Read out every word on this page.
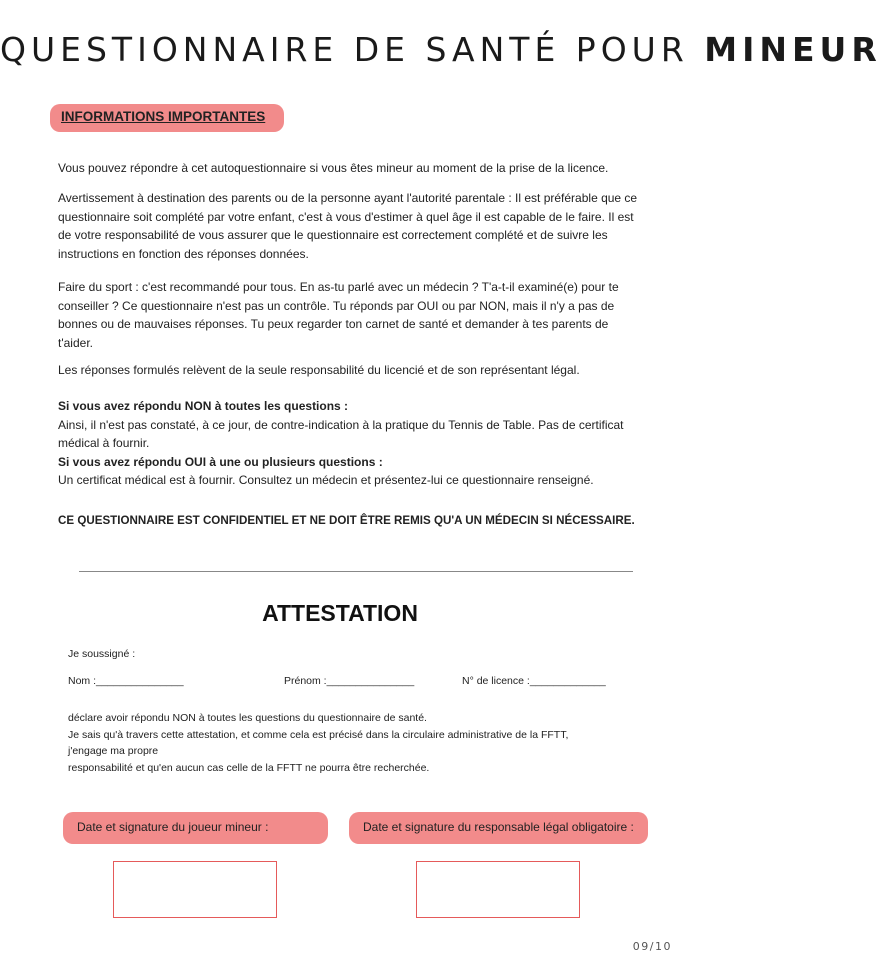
QUESTIONNAIRE DE SANTÉ POUR MINEUR
INFORMATIONS IMPORTANTES
Vous pouvez répondre à cet autoquestionnaire si vous êtes mineur au moment de la prise de la licence.
Avertissement à destination des parents ou de la personne ayant l'autorité parentale : Il est préférable que ce questionnaire soit complété par votre enfant, c'est à vous d'estimer à quel âge il est capable de le faire. Il est de votre responsabilité de vous assurer que le questionnaire est correctement complété et de suivre les instructions en fonction des réponses données.
Faire du sport : c'est recommandé pour tous. En as-tu parlé avec un médecin ? T'a-t-il examiné(e) pour te conseiller ? Ce questionnaire n'est pas un contrôle. Tu réponds par OUI ou par NON, mais il n'y a pas de bonnes ou de mauvaises réponses. Tu peux regarder ton carnet de santé et demander à tes parents de t'aider.
Les réponses formulés relèvent de la seule responsabilité du licencié et de son représentant légal.
Si vous avez répondu NON à toutes les questions :
Ainsi, il n'est pas constaté, à ce jour, de contre-indication à la pratique du Tennis de Table. Pas de certificat médical à fournir.
Si vous avez répondu OUI à une ou plusieurs questions :
Un certificat médical est à fournir. Consultez un médecin et présentez-lui ce questionnaire renseigné.
CE QUESTIONNAIRE EST CONFIDENTIEL ET NE DOIT ÊTRE REMIS QU'A UN MÉDECIN SI NÉCESSAIRE.
ATTESTATION
Je soussigné :
Nom :_______________	Prénom :_______________	N° de licence :_____________
déclare avoir répondu NON à toutes les questions du questionnaire de santé.
Je sais qu'à travers cette attestation, et comme cela est précisé dans la circulaire administrative de la FFTT,
j'engage ma propre
responsabilité et qu'en aucun cas celle de la FFTT ne pourra être recherchée.
Date et signature du joueur mineur :	Date et signature du responsable légal obligatoire :
09/10
